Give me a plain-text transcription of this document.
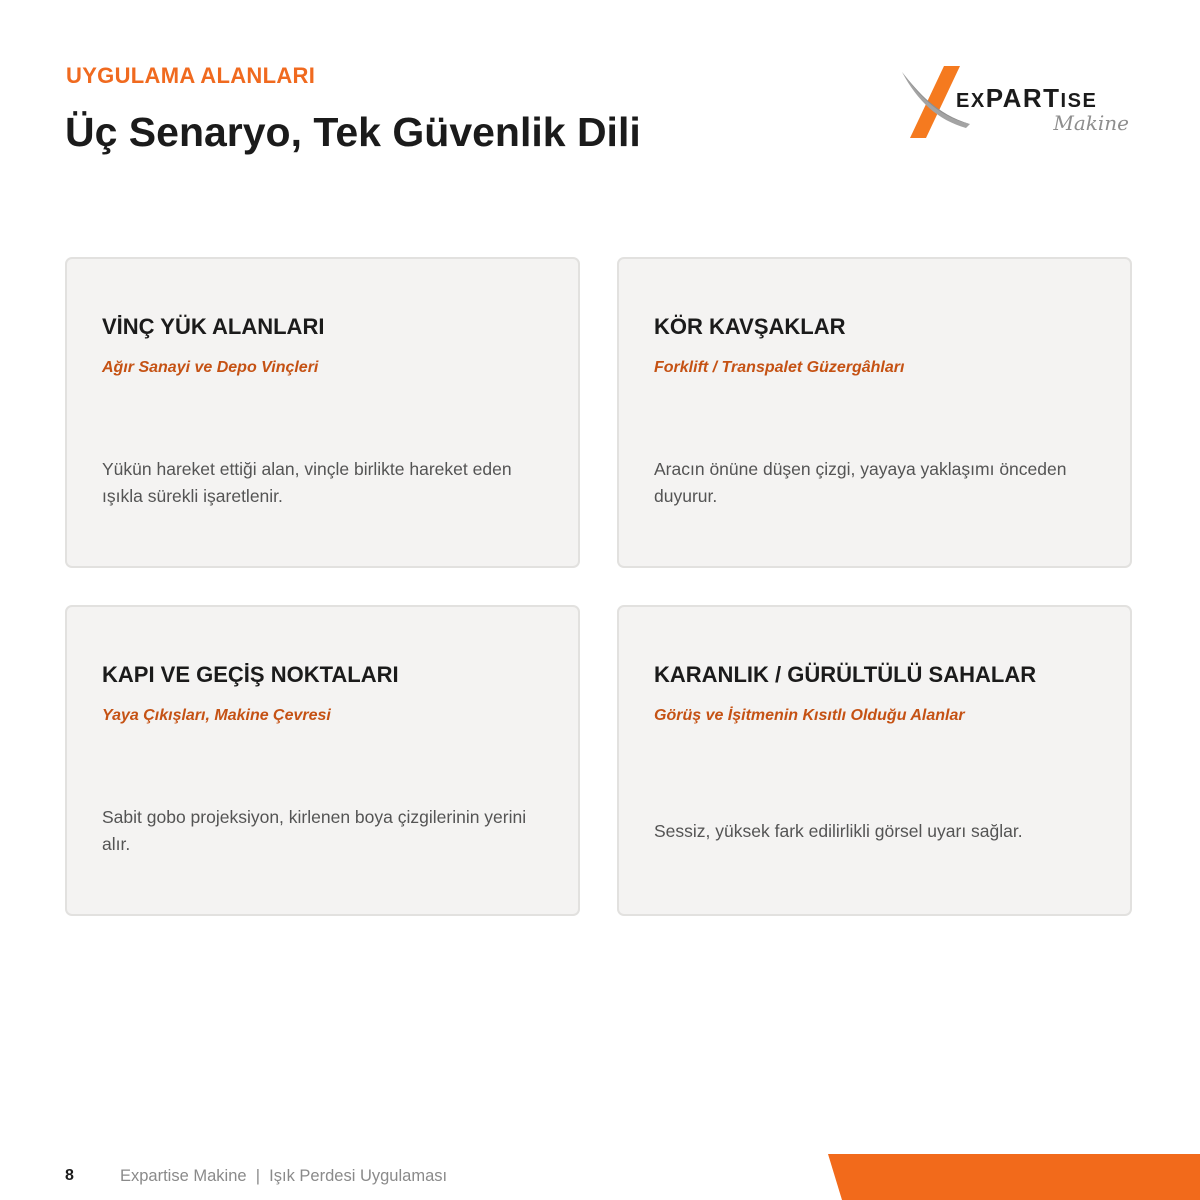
UYGULAMA ALANLARI
Üç Senaryo, Tek Güvenlik Dili
EXPARTISE
Makine
VİNÇ YÜK ALANLARI
Ağır Sanayi ve Depo Vinçleri
Yükün hareket ettiği alan, vinçle birlikte hareket eden ışıkla sürekli işaretlenir.
KÖR KAVŞAKLAR
Forklift / Transpalet Güzergâhları
Aracın önüne düşen çizgi, yayaya yaklaşımı önceden duyurur.
KAPI VE GEÇİŞ NOKTALARI
Yaya Çıkışları, Makine Çevresi
Sabit gobo projeksiyon, kirlenen boya çizgilerinin yerini alır.
KARANLIK / GÜRÜLTÜLÜ SAHALAR
Görüş ve İşitmenin Kısıtlı Olduğu Alanlar
Sessiz, yüksek fark edilirlikli görsel uyarı sağlar.
8	Expartise Makine  |  Işık Perdesi Uygulaması
